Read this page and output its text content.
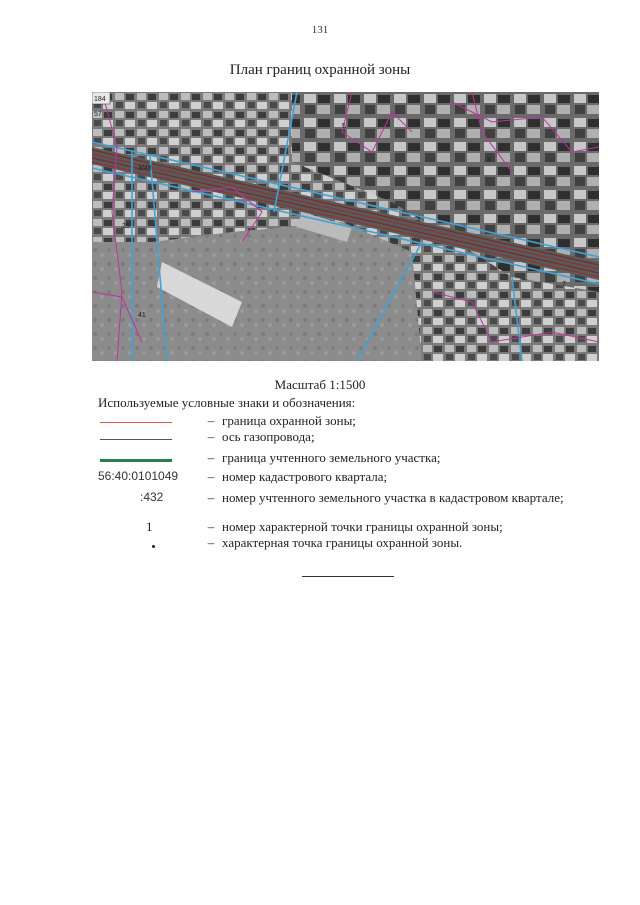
131
План границ охранной зоны
184
57
3/48
25
41
5
8
7
Масштаб 1:1500
Используемые условные знаки и обозначения:
– граница охранной зоны;
– ось газопровода;
– граница учтенного земельного участка;
56:40:0101049 – номер кадастрового квартала;
:432	– номер учтенного земельного участка в кадастровом квартале;
1	– номер характерной точки границы охранной зоны;
– характерная точка границы охранной зоны.
